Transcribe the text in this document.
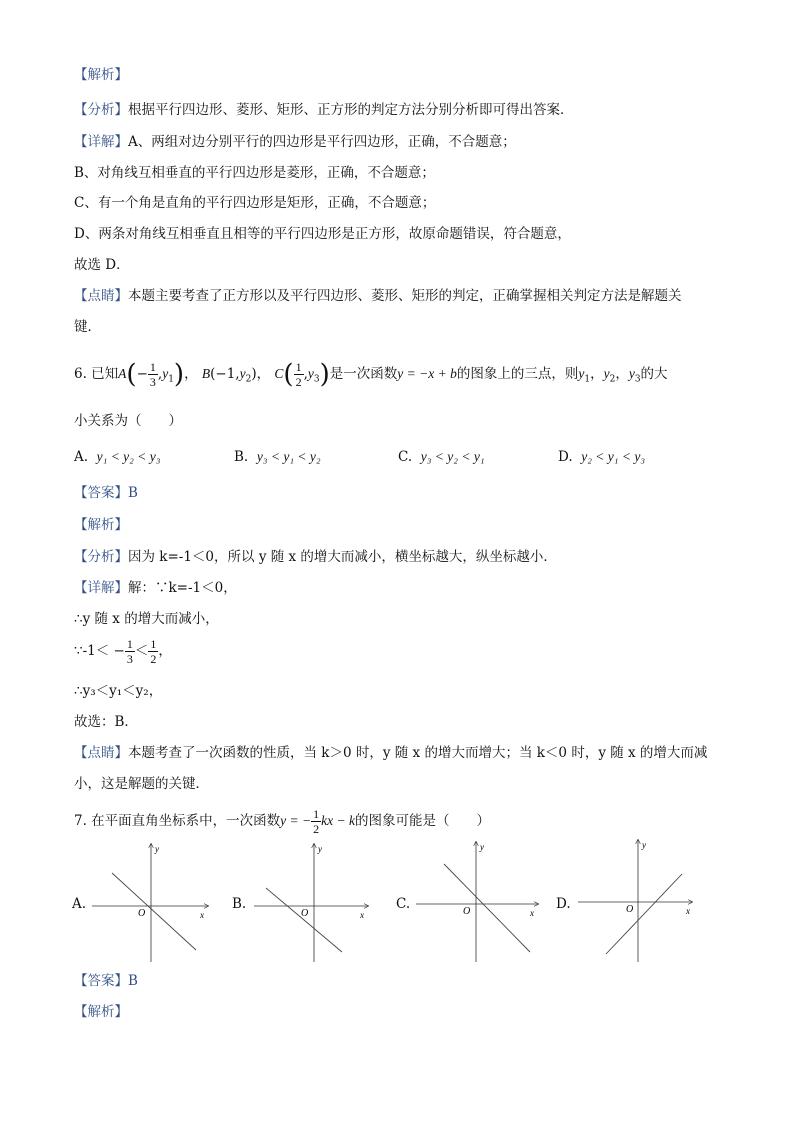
【解析】
【分析】根据平行四边形、菱形、矩形、正方形的判定方法分别分析即可得出答案．
【详解】A、两组对边分别平行的四边形是平行四边形，正确，不合题意；
B、对角线互相垂直的平行四边形是菱形，正确，不合题意；
C、有一个角是直角的平行四边形是矩形，正确，不合题意；
D、两条对角线互相垂直且相等的平行四边形是正方形，故原命题错误，符合题意，
故选 D．
【点睛】本题主要考查了正方形以及平行四边形、菱形、矩形的判定，正确掌握相关判定方法是解题关
键．
6. 已知$A(- \frac{1}{3} ,y_1)$， $B(-1,y_2)$， $C( \frac{1}{2} ,y_3)$是一次函数y = −x + b的图象上的三点，则$y_1$，$y_2$，$y_3$的大
小关系为（　　）
A. y₁ < y₂ < y₃	B. y₃ < y₁ < y₂	C. y₃ < y₂ < y₁	D. y₂ < y₁ < y₃
【答案】B
【解析】
【分析】因为 k=-1＜0，所以 y 随 x 的增大而减小，横坐标越大，纵坐标越小．
【详解】解：∵k=-1＜0，
∴y 随 x 的增大而减小，
∵-1＜ − $\frac{1}{3} < \frac{1}{2}$ ，
∴y₃＜y₁＜y₂，
故选：B．
【点睛】本题考查了一次函数的性质，当 k＞0 时，y 随 x 的增大而增大；当 k＜0 时，y 随 x 的增大而减
小，这是解题的关键．
7. 在平面直角坐标系中，一次函数y = − $\frac{1}{2}$ kx − k的图象可能是（　　）
A.
O	x
y
B.
O	x
y
C.	O	x
y
D.	O	x
y
【答案】B
【解析】
